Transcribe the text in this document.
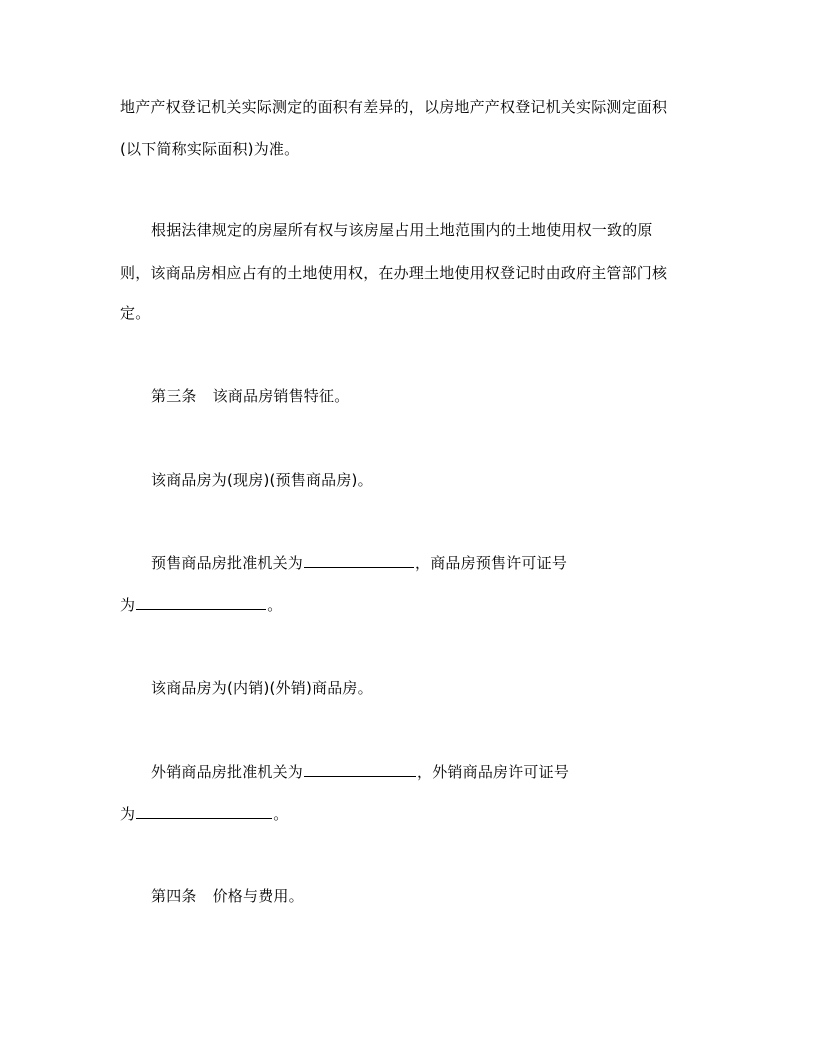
地产产权登记机关实际测定的面积有差异的，以房地产产权登记机关实际测定面积
(以下简称实际面积)为准。
根据法律规定的房屋所有权与该房屋占用土地范围内的土地使用权一致的原
则，该商品房相应占有的土地使用权，在办理土地使用权登记时由政府主管部门核
定。
第三条 该商品房销售特征。
该商品房为(现房)(预售商品房)。
预售商品房批准机关为	，商品房预售许可证号
为	。
该商品房为(内销)(外销)商品房。
外销商品房批准机关为	，外销商品房许可证号
为	。
第四条 价格与费用。
